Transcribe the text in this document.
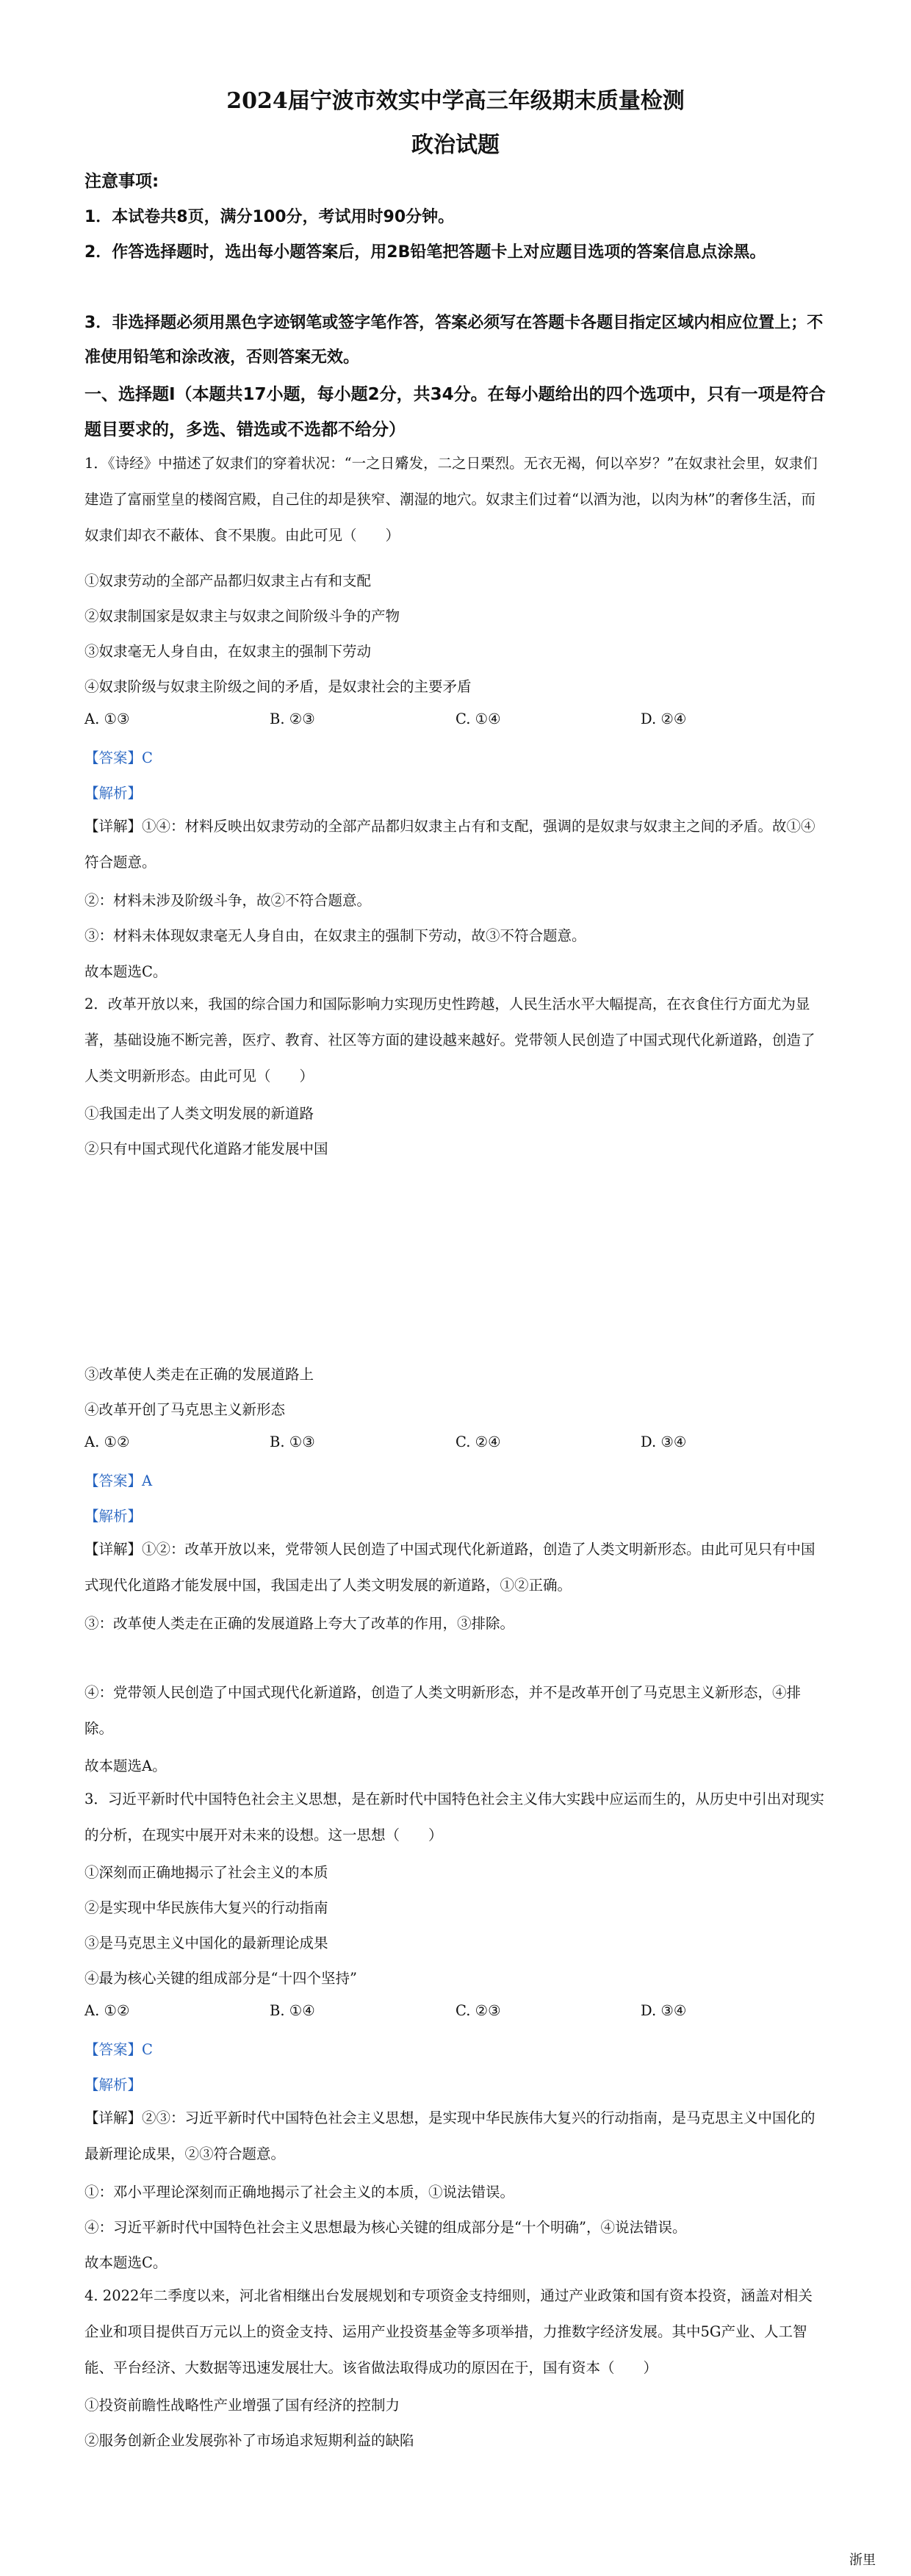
2024届宁波市效实中学高三年级期末质量检测
政治试题
注意事项:
1．本试卷共8页，满分100分，考试用时90分钟。
2．作答选择题时，选出每小题答案后，用2B铅笔把答题卡上对应题目选项的答案信息点涂黑。
3．非选择题必须用黑色字迹钢笔或签字笔作答，答案必须写在答题卡各题目指定区域内相应位置上；不准使用铅笔和涂改液，否则答案无效。
一、选择题Ⅰ（本题共17小题，每小题2分，共34分。在每小题给出的四个选项中，只有一项是符合题目要求的，多选、错选或不选都不给分）
1．《诗经》中描述了奴隶们的穿着状况：“一之日觱发，二之日栗烈。无衣无褐，何以卒岁？”在奴隶社会里，奴隶们建造了富丽堂皇的楼阁宫殿，自己住的却是狭窄、潮湿的地穴。奴隶主们过着“以酒为池，以肉为林”的奢侈生活，而奴隶们却衣不蔽体、食不果腹。由此可见（　　）
①奴隶劳动的全部产品都归奴隶主占有和支配
②奴隶制国家是奴隶主与奴隶之间阶级斗争的产物
③奴隶毫无人身自由，在奴隶主的强制下劳动
④奴隶阶级与奴隶主阶级之间的矛盾，是奴隶社会的主要矛盾
A. ①③	B. ②③	C. ①④	D. ②④
【答案】C
【解析】
【详解】①④：材料反映出奴隶劳动的全部产品都归奴隶主占有和支配，强调的是奴隶与奴隶主之间的矛盾。故①④符合题意。
②：材料未涉及阶级斗争，故②不符合题意。
③：材料未体现奴隶毫无人身自由，在奴隶主的强制下劳动，故③不符合题意。
故本题选C。
2．改革开放以来，我国的综合国力和国际影响力实现历史性跨越，人民生活水平大幅提高，在衣食住行方面尤为显著，基础设施不断完善，医疗、教育、社区等方面的建设越来越好。党带领人民创造了中国式现代化新道路，创造了人类文明新形态。由此可见（　　）
①我国走出了人类文明发展的新道路
②只有中国式现代化道路才能发展中国
③改革使人类走在正确的发展道路上
④改革开创了马克思主义新形态
A. ①②	B. ①③	C. ②④	D. ③④
【答案】A
【解析】
【详解】①②：改革开放以来，党带领人民创造了中国式现代化新道路，创造了人类文明新形态。由此可见只有中国式现代化道路才能发展中国，我国走出了人类文明发展的新道路，①②正确。
③：改革使人类走在正确的发展道路上夸大了改革的作用，③排除。
④：党带领人民创造了中国式现代化新道路，创造了人类文明新形态，并不是改革开创了马克思主义新形态，④排除。
故本题选A。
3．习近平新时代中国特色社会主义思想，是在新时代中国特色社会主义伟大实践中应运而生的，从历史中引出对现实的分析，在现实中展开对未来的设想。这一思想（　　）
①深刻而正确地揭示了社会主义的本质
②是实现中华民族伟大复兴的行动指南
③是马克思主义中国化的最新理论成果
④最为核心关键的组成部分是“十四个坚持”
A. ①②	B. ①④	C. ②③	D. ③④
【答案】C
【解析】
【详解】②③：习近平新时代中国特色社会主义思想，是实现中华民族伟大复兴的行动指南，是马克思主义中国化的最新理论成果，②③符合题意。
①：邓小平理论深刻而正确地揭示了社会主义的本质，①说法错误。
④：习近平新时代中国特色社会主义思想最为核心关键的组成部分是“十个明确”，④说法错误。
故本题选C。
4. 2022年二季度以来，河北省相继出台发展规划和专项资金支持细则，通过产业政策和国有资本投资，涵盖对相关企业和项目提供百万元以上的资金支持、运用产业投资基金等多项举措，力推数字经济发展。其中5G产业、人工智能、平台经济、大数据等迅速发展壮大。该省做法取得成功的原因在于，国有资本（　　）
①投资前瞻性战略性产业增强了国有经济的控制力
②服务创新企业发展弥补了市场追求短期利益的缺陷
浙里
